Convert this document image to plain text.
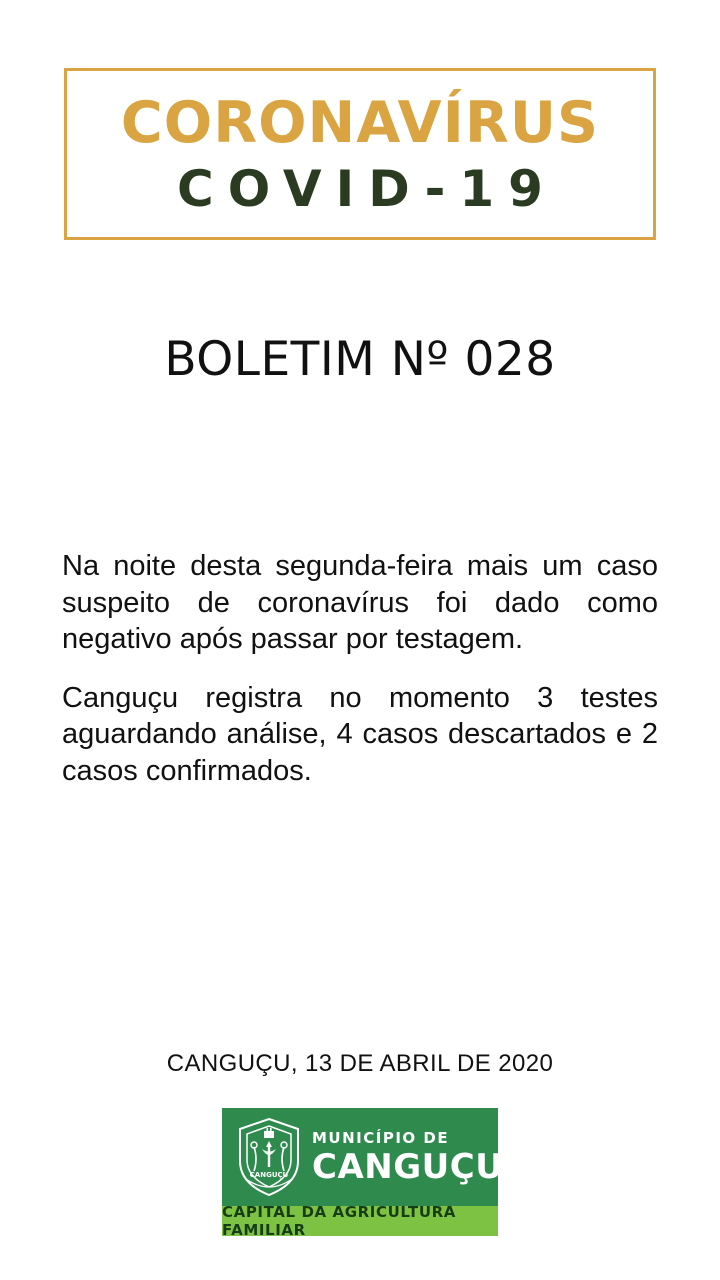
CORONAVÍRUS
COVID-19
BOLETIM Nº 028

Na noite desta segunda-feira mais um caso suspeito de coronavírus foi dado como negativo após passar por testagem.

Canguçu registra no momento 3 testes aguardando análise, 4 casos descartados e 2 casos confirmados.

CANGUÇU, 13 DE ABRIL DE 2020
CANGUÇU
MUNICÍPIO DE
CANGUÇU
CAPITAL DA AGRICULTURA FAMILIAR
